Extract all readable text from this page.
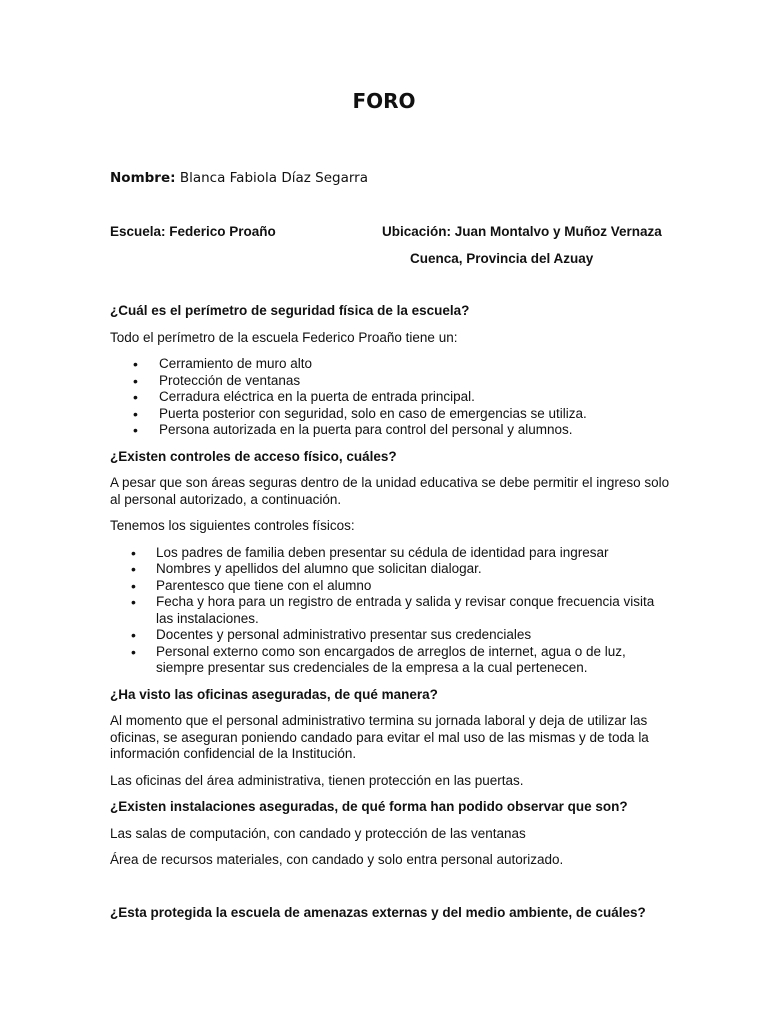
FORO
Nombre: Blanca Fabiola Díaz Segarra
Escuela: Federico Proaño	Ubicación: Juan Montalvo y Muñoz Vernaza
Cuenca, Provincia del Azuay
¿Cuál es el perímetro de seguridad física de la escuela?
Todo el perímetro de la escuela Federico Proaño tiene un:
• Cerramiento de muro alto
• Protección de ventanas
• Cerradura eléctrica en la puerta de entrada principal.
• Puerta posterior con seguridad, solo en caso de emergencias se utiliza.
• Persona autorizada en la puerta para control del personal y alumnos.
¿Existen controles de acceso físico, cuáles?
A pesar que son áreas seguras dentro de la unidad educativa se debe permitir el ingreso solo al personal autorizado, a continuación.
Tenemos los siguientes controles físicos:
• Los padres de familia deben presentar su cédula de identidad para ingresar
• Nombres y apellidos del alumno que solicitan dialogar.
• Parentesco que tiene con el alumno
• Fecha y hora para un registro de entrada y salida y revisar conque frecuencia visita las instalaciones.
• Docentes y personal administrativo presentar sus credenciales
• Personal externo como son encargados de arreglos de internet, agua o de luz, siempre presentar sus credenciales de la empresa a la cual pertenecen.
¿Ha visto las oficinas aseguradas, de qué manera?
Al momento que el personal administrativo termina su jornada laboral y deja de utilizar las oficinas, se aseguran poniendo candado para evitar el mal uso de las mismas y de toda la información confidencial de la Institución.
Las oficinas del área administrativa, tienen protección en las puertas.
¿Existen instalaciones aseguradas, de qué forma han podido observar que son?
Las salas de computación, con candado y protección de las ventanas
Área de recursos materiales, con candado y solo entra personal autorizado.
¿Esta protegida la escuela de amenazas externas y del medio ambiente, de cuáles?
